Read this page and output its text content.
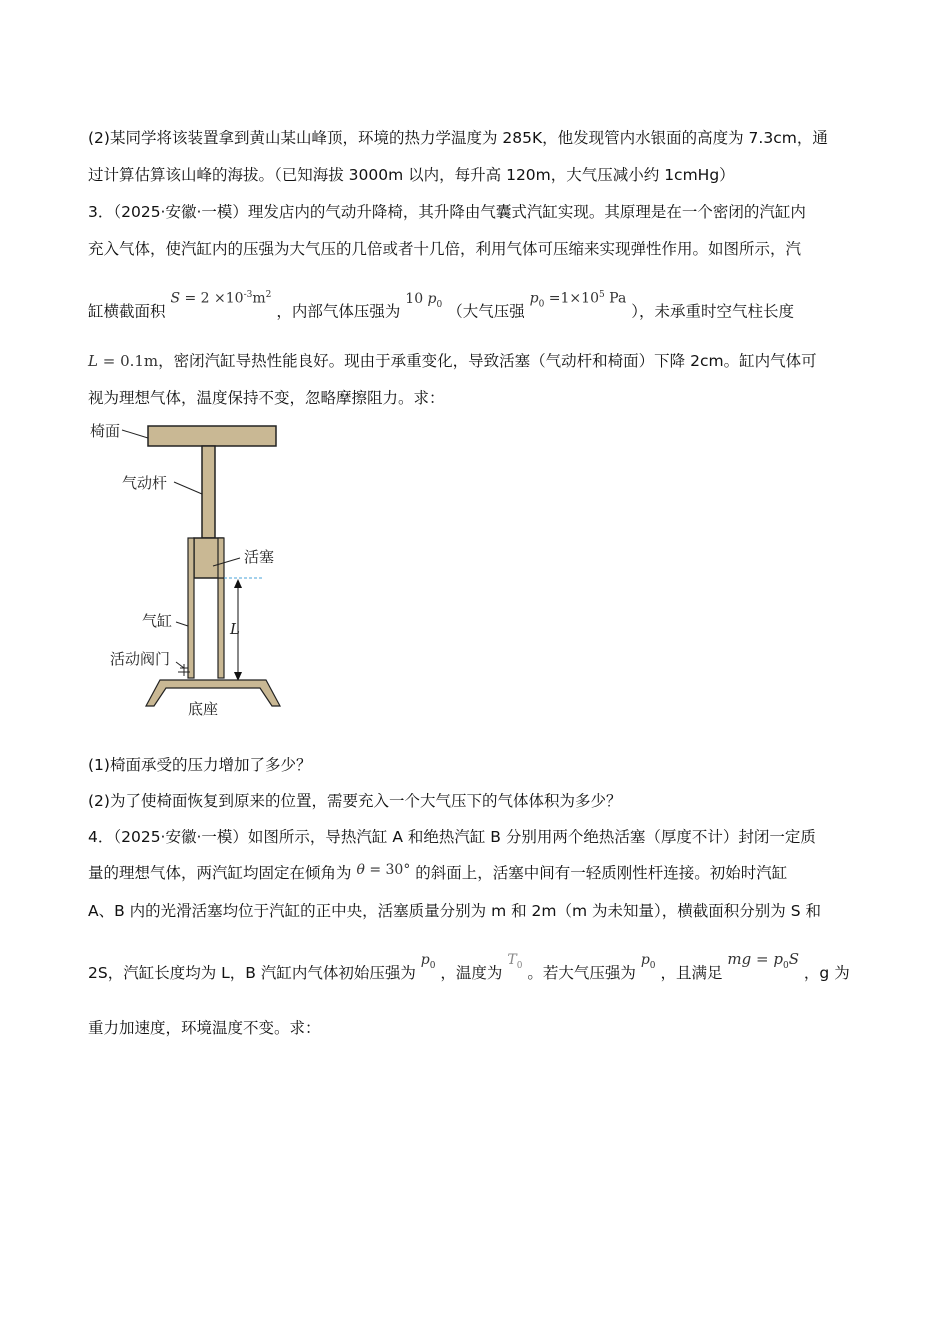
(2)某同学将该装置拿到黄山某山峰顶，环境的热力学温度为 285K，他发现管内水银面的高度为 7.3cm，通
过计算估算该山峰的海拔。（已知海拔 3000m 以内，每升高 120m，大气压减小约 1cmHg）
3．（2025·安徽·一模）理发店内的气动升降椅，其升降由气囊式汽缸实现。其原理是在一个密闭的汽缸内
充入气体，使汽缸内的压强为大气压的几倍或者十几倍，利用气体可压缩来实现弹性作用。如图所示，汽
缸横截面积 $S = 2 \times 10^{-3}m^2$ ，内部气体压强为 10 $p_0$ （大气压强 $p_0 =1\times 10^5$ Pa ），未承重时空气柱长度
L = 0.1m，密闭汽缸导热性能良好。现由于承重变化，导致活塞（气动杆和椅面）下降 2cm。缸内气体可
视为理想气体，温度保持不变，忽略摩擦阻力。求：
椅面
气动杆
活塞
气缸	L
活动阀门
底座
(1)椅面承受的压力增加了多少？
(2)为了使椅面恢复到原来的位置，需要充入一个大气压下的气体体积为多少？
4．（2025·安徽·一模）如图所示，导热汽缸 A 和绝热汽缸 B 分别用两个绝热活塞（厚度不计）封闭一定质
量的理想气体，两汽缸均固定在倾角为 θ = 30° 的斜面上，活塞中间有一轻质刚性杆连接。初始时汽缸
A、B 内的光滑活塞均位于汽缸的正中央，活塞质量分别为 m 和 2m（m 为未知量），横截面积分别为 S 和
2S，汽缸长度均为 L，B 汽缸内气体初始压强为 $p_0$ ，温度为 $T_0$ 。若大气压强为 $p_0$ ，且满足 mg = $p_0S$ ，g 为
重力加速度，环境温度不变。求：
